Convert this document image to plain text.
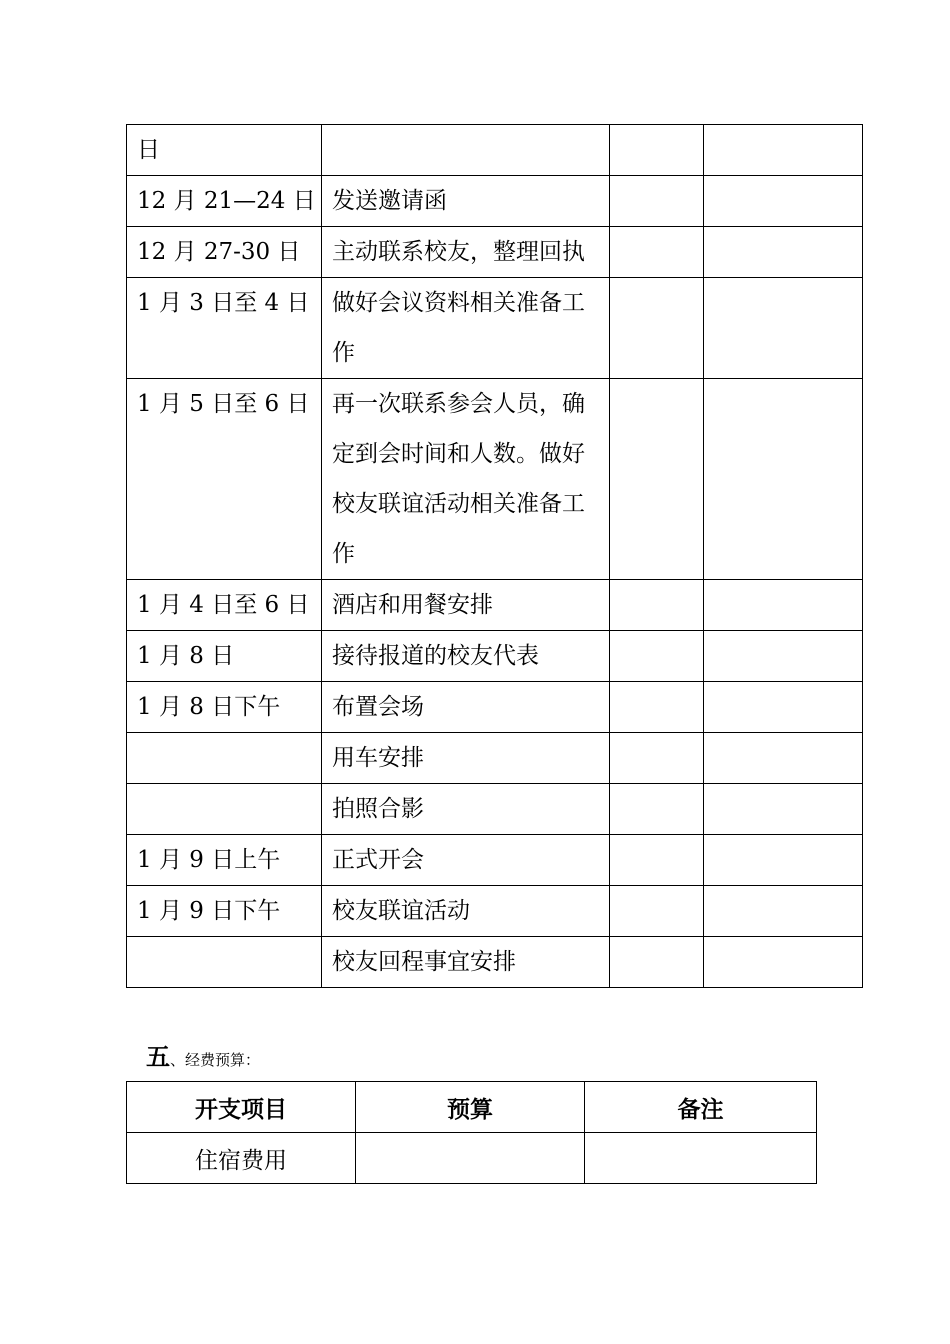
日			
12 月 21—24 日	发送邀请函		
12 月 27-30 日	主动联系校友，整理回执		
1 月 3 日至 4 日	做好会议资料相关准备工作		
1 月 5 日至 6 日	再一次联系参会人员，确定到会时间和人数。做好校友联谊活动相关准备工作		
1 月 4 日至 6 日	酒店和用餐安排		
1 月 8 日	接待报道的校友代表		
1 月 8 日下午	布置会场		
	用车安排		
	拍照合影		
1 月 9 日上午	正式开会		
1 月 9 日下午	校友联谊活动		
	校友回程事宜安排		
五、经费预算：
开支项目	预算	备注
住宿费用		
